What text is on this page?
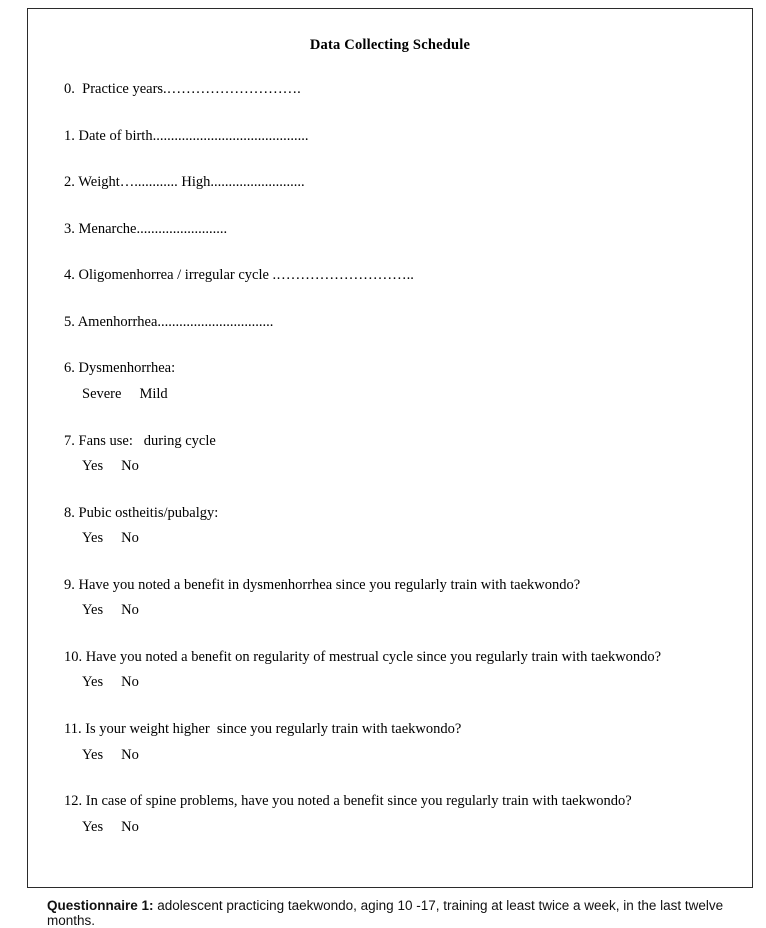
Data Collecting Schedule
0.  Practice years.……………………….
1. Date of birth...........................................
2. Weight…............ High..........................
3. Menarche.........................
4. Oligomenhorrea / irregular cycle .………………………..
5. Amenhorrhea................................
6. Dysmenhorrhea:
Severe Mild
7. Fans use:   during cycle
Yes No
8. Pubic ostheitis/pubalgy:
Yes No
9. Have you noted a benefit in dysmenhorrhea since you regularly train with taekwondo?
Yes No
10. Have you noted a benefit on regularity of mestrual cycle since you regularly train with taekwondo?
Yes No
11. Is your weight higher  since you regularly train with taekwondo?
Yes No
12. In case of spine problems, have you noted a benefit since you regularly train with taekwondo?
Yes No
Questionnaire 1: adolescent practicing taekwondo, aging 10 -17, training at least twice a week, in the last twelve months.
